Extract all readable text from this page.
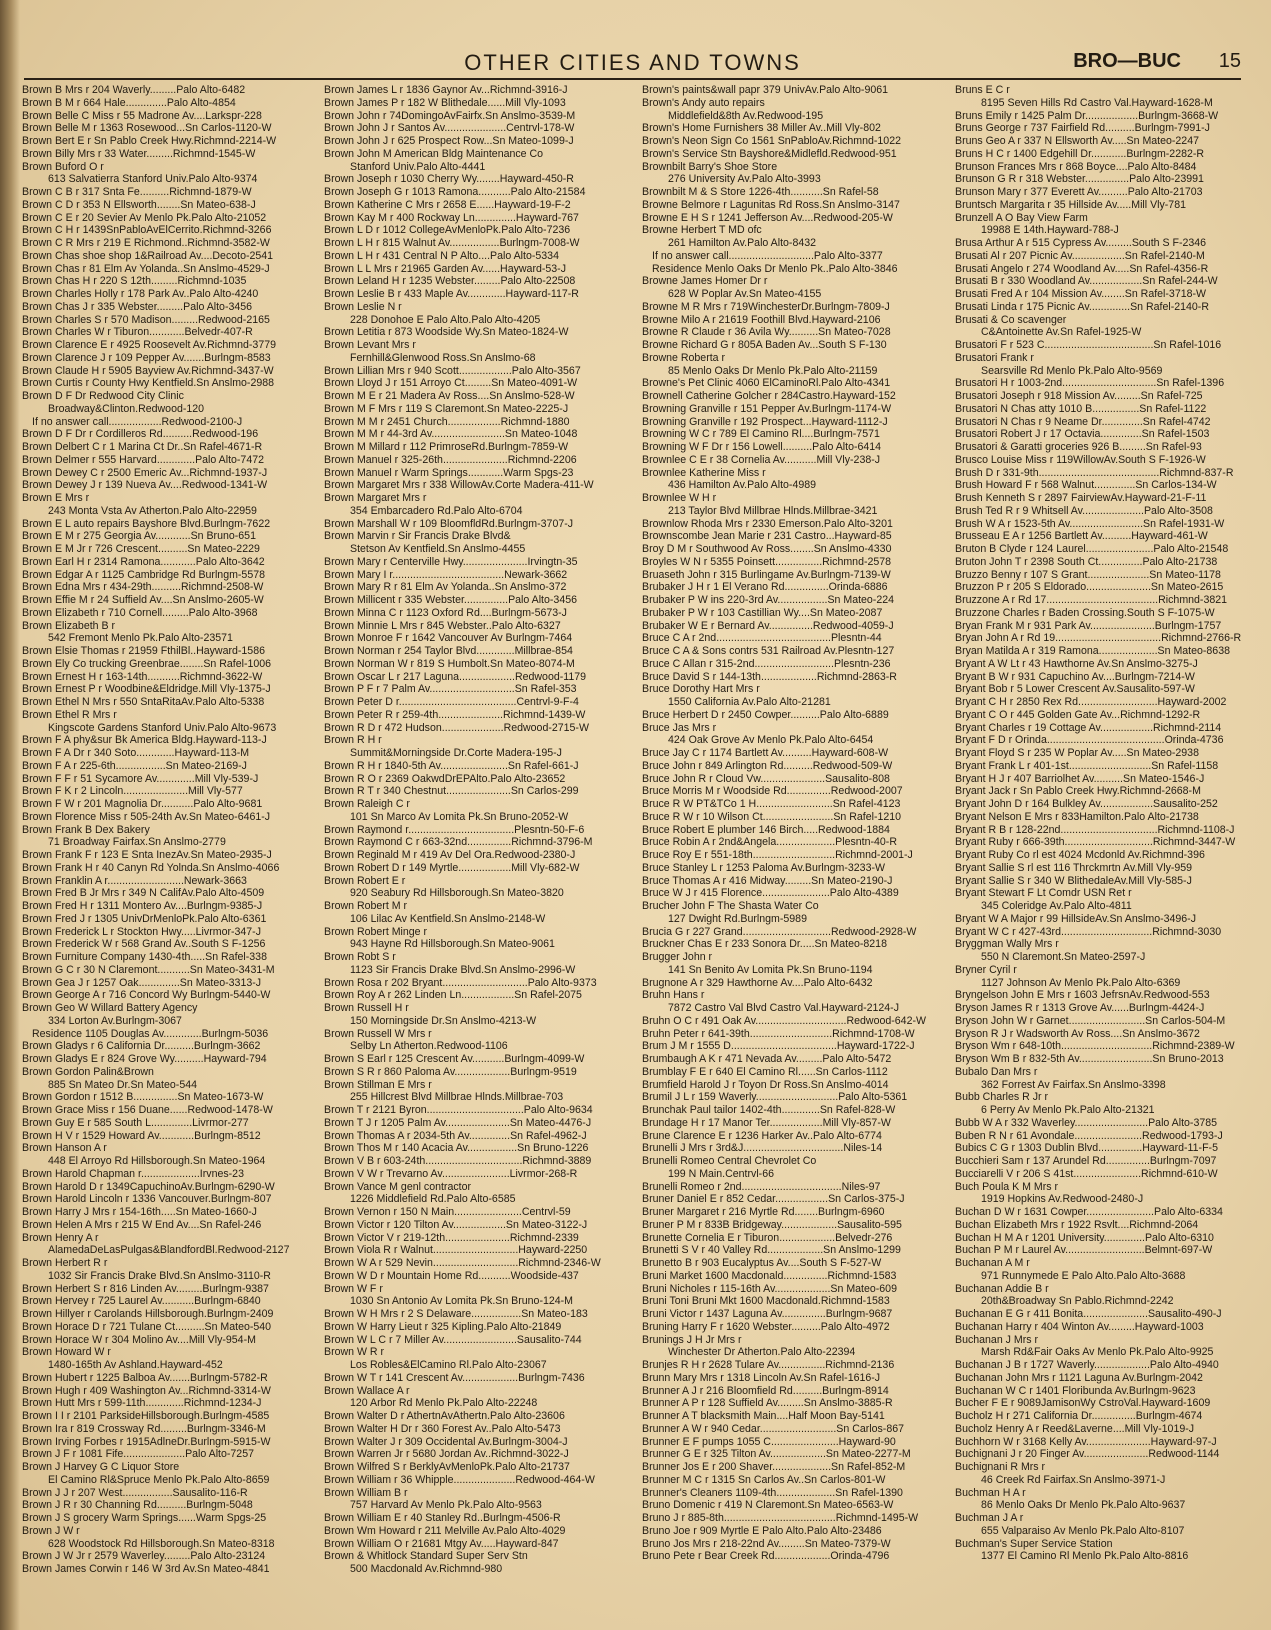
OTHER CITIES AND TOWNS	BRO—BUC 15
Brown B Mrs r 204 Waverly.........Palo Alto-6482
Brown B M r 664 Hale..............Palo Alto-4854
Brown Belle C Miss r 55 Madrone Av....Larkspr-228
Brown Belle M r 1363 Rosewood...Sn Carlos-1120-W
Brown Bert E r Sn Pablo Creek Hwy.Richmnd-2214-W
Brown Billy Mrs r 33 Water.........Richmnd-1545-W
Brown Buford O r
613 Salvatierra Stanford Univ.Palo Alto-9374
Brown C B r 317 Snta Fe..........Richmnd-1879-W
Brown C D r 353 N Ellsworth........Sn Mateo-638-J
Brown C E r 20 Sevier Av Menlo Pk.Palo Alto-21052
Brown C H r 1439SnPabloAvElCerrito.Richmnd-3266
Brown C R Mrs r 219 E Richmond..Richmnd-3582-W
Brown Chas shoe shop 1&Railroad Av....Decoto-2541
Brown Chas r 81 Elm Av Yolanda..Sn Anslmo-4529-J
Brown Chas H r 220 S 12th.........Richmnd-1035
Brown Charles Holly r 178 Park Av..Palo Alto-4240
Brown Chas J r 335 Webster.........Palo Alto-3456
Brown Charles S r 570 Madison.........Redwood-2165
Brown Charles W r Tiburon............Belvedr-407-R
Brown Clarence E r 4925 Roosevelt Av.Richmnd-3779
Brown Clarence J r 109 Pepper Av.......Burlngm-8583
Brown Claude H r 5905 Bayview Av.Richmnd-3437-W
Brown Curtis r County Hwy Kentfield.Sn Anslmo-2988
Brown D F Dr Redwood City Clinic
Broadway&Clinton.Redwood-120
If no answer call..................Redwood-2100-J
Brown D F Dr r Cordilleros Rd..........Redwood-196
Brown Delbert C r 1 Marina Ct Dr..Sn Rafel-4671-R
Brown Delmer r 555 Harvard.............Palo Alto-7472
Brown Dewey C r 2500 Emeric Av...Richmnd-1937-J
Brown Dewey J r 139 Nueva Av....Redwood-1341-W
Brown E Mrs r
243 Monta Vsta Av Atherton.Palo Alto-22959
Brown E L auto repairs Bayshore Blvd.Burlngm-7622
Brown E M r 275 Georgia Av............Sn Bruno-651
Brown E M Jr r 726 Crescent..........Sn Mateo-2229
Brown Earl H r 2314 Ramona............Palo Alto-3642
Brown Edgar A r 1125 Cambridge Rd Burlngm-5578
Brown Edna Mrs r 434-29th..........Richmnd-2508-W
Brown Effie M r 24 Suffield Av....Sn Anslmo-2605-W
Brown Elizabeth r 710 Cornell.........Palo Alto-3968
Brown Elizabeth B r
542 Fremont Menlo Pk.Palo Alto-23571
Brown Elsie Thomas r 21959 FthilBl..Hayward-1586
Brown Ely Co trucking Greenbrae........Sn Rafel-1006
Brown Ernest H r 163-14th...........Richmnd-3622-W
Brown Ernest P r Woodbine&Eldridge.Mill Vly-1375-J
Brown Ethel N Mrs r 550 SntaRitaAv.Palo Alto-5338
Brown Ethel R Mrs r
Kingscote Gardens Stanford Univ.Palo Alto-9673
Brown F A phy&sur Bk America Bldg.Hayward-113-J
Brown F A Dr r 340 Soto.............Hayward-113-M
Brown F A r 225-6th.................Sn Mateo-2169-J
Brown F F r 51 Sycamore Av.............Mill Vly-539-J
Brown F K r 2 Lincoln......................Mill Vly-577
Brown F W r 201 Magnolia Dr...........Palo Alto-9681
Brown Florence Miss r 505-24th Av.Sn Mateo-6461-J
Brown Frank B Dex Bakery
71 Broadway Fairfax.Sn Anslmo-2779
Brown Frank F r 123 E Snta InezAv.Sn Mateo-2935-J
Brown Frank H r 40 Canyn Rd Yolnda.Sn Anslmo-4066
Brown Franklin A r..........................Newark-3663
Brown Fred B Jr Mrs r 349 N CalifAv.Palo Alto-4509
Brown Fred H r 1311 Montero Av....Burlngm-9385-J
Brown Fred J r 1305 UnivDrMenloPk.Palo Alto-6361
Brown Frederick L r Stockton Hwy.....Livrmor-347-J
Brown Frederick W r 568 Grand Av..South S F-1256
Brown Furniture Company 1430-4th.....Sn Rafel-338
Brown G C r 30 N Claremont...........Sn Mateo-3431-M
Brown Gea J r 1257 Oak..............Sn Mateo-3313-J
Brown George A r 716 Concord Wy Burlngm-5440-W
Brown Geo W Willard Battery Agency
334 Lorton Av.Burlngm-3067
Residence 1105 Douglas Av.............Burlngm-5036
Brown Gladys r 6 California Dr..........Burlngm-3662
Brown Gladys E r 824 Grove Wy..........Hayward-794
Brown Gordon Palin&Brown
885 Sn Mateo Dr.Sn Mateo-544
Brown Gordon r 1512 B...............Sn Mateo-1673-W
Brown Grace Miss r 156 Duane......Redwood-1478-W
Brown Guy E r 585 South L..............Livrmor-277
Brown H V r 1529 Howard Av............Burlngm-8512
Brown Hanson A r
448 El Arroyo Rd Hillsborough.Sn Mateo-1964
Brown Harold Chapman r....................Irvnes-23
Brown Harold D r 1349CapuchinoAv.Burlngm-6290-W
Brown Harold Lincoln r 1336 Vancouver.Burlngm-807
Brown Harry J Mrs r 154-16th.....Sn Mateo-1660-J
Brown Helen A Mrs r 215 W End Av....Sn Rafel-246
Brown Henry A r
AlamedaDeLasPulgas&BlandfordBl.Redwood-2127
Brown Herbert R r
1032 Sir Francis Drake Blvd.Sn Anslmo-3110-R
Brown Herbert S r 816 Linden Av.........Burlngm-9387
Brown Hervey r 725 Laurel Av...........Burlngm-6840
Brown Hillyer r Carolands Hillsborough.Burlngm-2409
Brown Horace D r 721 Tulane Ct..........Sn Mateo-540
Brown Horace W r 304 Molino Av....Mill Vly-954-M
Brown Howard W r
1480-165th Av Ashland.Hayward-452
Brown Hubert r 1225 Balboa Av.......Burlngm-5782-R
Brown Hugh r 409 Washington Av...Richmnd-3314-W
Brown Hutt Mrs r 599-11th.............Richmnd-1234-J
Brown I I r 2101 ParksideHillsborough.Burlngm-4585
Brown Ira r 819 Crossway Rd.........Burlngm-3346-M
Brown Irving Forbes r 1915AdlneDr.Burlngm-5915-W
Brown J F r 1081 Fife.....................Palo Alto-7257
Brown J Harvey G C Liquor Store
El Camino Rl&Spruce Menlo Pk.Palo Alto-8659
Brown J J r 207 West.................Sausalito-116-R
Brown J R r 30 Channing Rd..........Burlngm-5048
Brown J S grocery Warm Springs......Warm Spgs-25
Brown J W r
628 Woodstock Rd Hillsborough.Sn Mateo-8318
Brown J W Jr r 2579 Waverley.........Palo Alto-23124
Brown James Corwin r 146 W 3rd Av.Sn Mateo-4841
Brown James L r 1836 Gaynor Av...Richmnd-3916-J
Brown James P r 182 W Blithedale......Mill Vly-1093
Brown John r 74DomingoAvFairfx.Sn Anslmo-3539-M
Brown John J r Santos Av.....................Centrvl-178-W
Brown John J r 625 Prospect Row...Sn Mateo-1099-J
Brown John M American Bldg Maintenance Co
Stanford Univ.Palo Alto-4441
Brown Joseph r 1030 Cherry Wy........Hayward-450-R
Brown Joseph G r 1013 Ramona...........Palo Alto-21584
Brown Katherine C Mrs r 2658 E......Hayward-19-F-2
Brown Kay M r 400 Rockway Ln..............Hayward-767
Brown L D r 1012 CollegeAvMenloPk.Palo Alto-7236
Brown L H r 815 Walnut Av.................Burlngm-7008-W
Brown L H r 431 Central N P Alto....Palo Alto-5334
Brown L L Mrs r 21965 Garden Av......Hayward-53-J
Brown Leland H r 1235 Webster.........Palo Alto-22508
Brown Leslie B r 433 Maple Av.............Hayward-117-R
Brown Leslie N r
228 Donohoe E Palo Alto.Palo Alto-4205
Brown Letitia r 873 Woodside Wy.Sn Mateo-1824-W
Brown Levant Mrs r
Fernhill&Glenwood Ross.Sn Anslmo-68
Brown Lillian Mrs r 940 Scott..................Palo Alto-3567
Brown Lloyd J r 151 Arroyo Ct.........Sn Mateo-4091-W
Brown M E r 21 Madera Av Ross....Sn Anslmo-528-W
Brown M F Mrs r 119 S Claremont.Sn Mateo-2225-J
Brown M M r 2451 Church..................Richmnd-1880
Brown M M r 44-3rd Av.........................Sn Mateo-1048
Brown M Millard r 112 PrimroseRd.Burlngm-7859-W
Brown Manuel r 325-26th......................Richmnd-2206
Brown Manuel r Warm Springs............Warm Spgs-23
Brown Margaret Mrs r 338 WillowAv.Corte Madera-411-W
Brown Margaret Mrs r
354 Embarcadero Rd.Palo Alto-6704
Brown Marshall W r 109 BloomfldRd.Burlngm-3707-J
Brown Marvin r Sir Francis Drake Blvd&
Stetson Av Kentfield.Sn Anslmo-4455
Brown Mary r Centerville Hwy......................Irvingtn-35
Brown Mary I r......................................Newark-3662
Brown Mary R r 81 Elm Av Yolanda..Sn Anslmo-372
Brown Millicent r 335 Webster...............Palo Alto-3456
Brown Minna C r 1123 Oxford Rd....Burlngm-5673-J
Brown Minnie L Mrs r 845 Webster..Palo Alto-6327
Brown Monroe F r 1642 Vancouver Av Burlngm-7464
Brown Norman r 254 Taylor Blvd.............Millbrae-854
Brown Norman W r 819 S Humbolt.Sn Mateo-8074-M
Brown Oscar L r 217 Laguna...................Redwood-1179
Brown P F r 7 Palm Av.............................Sn Rafel-353
Brown Peter D r........................................Centrvl-9-F-4
Brown Peter R r 259-4th......................Richmnd-1439-W
Brown R D r 472 Hudson.....................Redwood-2715-W
Brown R H r
Summit&Morningside Dr.Corte Madera-195-J
Brown R H r 1840-5th Av.......................Sn Rafel-661-J
Brown R O r 2369 OakwdDrEPAlto.Palo Alto-23652
Brown R T r 340 Chestnut......................Sn Carlos-299
Brown Raleigh C r
101 Sn Marco Av Lomita Pk.Sn Bruno-2052-W
Brown Raymond r....................................Plesntn-50-F-6
Brown Raymond C r 663-32nd...............Richmnd-3796-M
Brown Reginald M r 419 Av Del Ora.Redwood-2380-J
Brown Robert D r 149 Myrtle..................Mill Vly-682-W
Brown Robert E r
920 Seabury Rd Hillsborough.Sn Mateo-3820
Brown Robert M r
106 Lilac Av Kentfield.Sn Anslmo-2148-W
Brown Robert Minge r
943 Hayne Rd Hillsborough.Sn Mateo-9061
Brown Robt S r
1123 Sir Francis Drake Blvd.Sn Anslmo-2996-W
Brown Rosa r 202 Bryant.............................Palo Alto-9373
Brown Roy A r 262 Linden Ln..................Sn Rafel-2075
Brown Russell H r
150 Morningside Dr.Sn Anslmo-4213-W
Brown Russell W Mrs r
Selby Ln Atherton.Redwood-1106
Brown S Earl r 125 Crescent Av...........Burlngm-4099-W
Brown S R r 860 Paloma Av...................Burlngm-9519
Brown Stillman E Mrs r
255 Hillcrest Blvd Millbrae Hlnds.Millbrae-703
Brown T r 2121 Byron.................................Palo Alto-9634
Brown T J r 1205 Palm Av......................Sn Mateo-4476-J
Brown Thomas A r 2034-5th Av..............Sn Rafel-4962-J
Brown Thos M r 140 Acacia Av.................Sn Bruno-1226
Brown V B r 603-24th.................................Richmnd-3889
Brown V W r Trevarno Av.......................Livrmor-268-R
Brown Vance M genl contractor
1226 Middlefield Rd.Palo Alto-6585
Brown Vernon r 150 N Main.......................Centrvl-59
Brown Victor r 120 Tilton Av..................Sn Mateo-3122-J
Brown Victor V r 219-12th......................Richmnd-2339
Brown Viola R r Walnut.............................Hayward-2250
Brown W A r 529 Nevin.............................Richmnd-2346-W
Brown W D r Mountain Home Rd...........Woodside-437
Brown W F r
1030 Sn Antonio Av Lomita Pk.Sn Bruno-124-M
Brown W H Mrs r 2 S Delaware.................Sn Mateo-183
Brown W Harry Lieut r 325 Kipling.Palo Alto-21849
Brown W L C r 7 Miller Av.........................Sausalito-744
Brown W R r
Los Robles&ElCamino Rl.Palo Alto-23067
Brown W T r 141 Crescent Av...................Burlngm-7436
Brown Wallace A r
120 Arbor Rd Menlo Pk.Palo Alto-22248
Brown Walter D r AthertnAvAthertn.Palo Alto-23606
Brown Walter H Dr r 360 Forest Av..Palo Alto-5473
Brown Walter J r 309 Occidental Av.Burlngm-3004-J
Brown Warren Jr r 5680 Jordan Av..Richmnd-3022-J
Brown Wilfred S r BerklyAvMenloPk.Palo Alto-21737
Brown William r 36 Whipple.....................Redwood-464-W
Brown William B r
757 Harvard Av Menlo Pk.Palo Alto-9563
Brown William E r 40 Stanley Rd..Burlngm-4506-R
Brown Wm Howard r 211 Melville Av.Palo Alto-4029
Brown William O r 21681 Mtgy Av.....Hayward-847
Brown & Whitlock Standard Super Serv Stn
500 Macdonald Av.Richmnd-980
Brown's paints&wall papr 379 UnivAv.Palo Alto-9061
Brown's Andy auto repairs
Middlefield&8th Av.Redwood-195
Brown's Home Furnishers 38 Miller Av..Mill Vly-802
Brown's Neon Sign Co 1561 SnPabloAv.Richmnd-1022
Brown's Service Stn Bayshore&Midlefld.Redwood-951
Brownbilt Barry's Shoe Store
276 University Av.Palo Alto-3993
Brownbilt M & S Store 1226-4th...........Sn Rafel-58
Browne Belmore r Lagunitas Rd Ross.Sn Anslmo-3147
Browne E H S r 1241 Jefferson Av....Redwood-205-W
Browne Herbert T MD ofc
261 Hamilton Av.Palo Alto-8432
If no answer call.............................Palo Alto-3377
Residence Menlo Oaks Dr Menlo Pk..Palo Alto-3846
Browne James Homer Dr r
628 W Poplar Av.Sn Mateo-4155
Browne M R Mrs r 719WinchesterDr.Burlngm-7809-J
Browne Milo A r 21619 Foothill Blvd.Hayward-2106
Browne R Claude r 36 Avila Wy..........Sn Mateo-7028
Browne Richard G r 805A Baden Av...South S F-130
Browne Roberta r
85 Menlo Oaks Dr Menlo Pk.Palo Alto-21159
Browne's Pet Clinic 4060 ElCaminoRl.Palo Alto-4341
Brownell Catherine Golcher r 284Castro.Hayward-152
Browning Granville r 151 Pepper Av.Burlngm-1174-W
Browning Granville r 192 Prospect...Hayward-1112-J
Browning W C r 789 El Camino Rl....Burlngm-7571
Browning W F Dr r 156 Lowell..........Palo Alto-6414
Brownlee C E r 38 Cornelia Av...........Mill Vly-238-J
Brownlee Katherine Miss r
436 Hamilton Av.Palo Alto-4989
Brownlee W H r
213 Taylor Blvd Millbrae Hlnds.Millbrae-3421
Brownlow Rhoda Mrs r 2330 Emerson.Palo Alto-3201
Brownscombe Jean Marie r 231 Castro...Hayward-85
Broy D M r Southwood Av Ross........Sn Anslmo-4330
Broyles W N r 5355 Poinsett................Richmnd-2578
Bruaseth John r 315 Burlingame Av.Burlngm-7139-W
Brubaker J H r 1 El Verano Rd...............Orinda-6886
Brubaker P W ins 220-3rd Av.................Sn Mateo-224
Brubaker P W r 103 Castillian Wy....Sn Mateo-2087
Brubaker W E r Bernard Av...............Redwood-4059-J
Bruce C A r 2nd.......................................Plesntn-44
Bruce C A & Sons contrs 531 Railroad Av.Plesntn-127
Bruce C Allan r 315-2nd...........................Plesntn-236
Bruce David S r 144-13th...................Richmnd-2863-R
Bruce Dorothy Hart Mrs r
1550 California Av.Palo Alto-21281
Bruce Herbert D r 2450 Cowper..........Palo Alto-6889
Bruce Jas Mrs r
424 Oak Grove Av Menlo Pk.Palo Alto-6454
Bruce Jay C r 1174 Bartlett Av..........Hayward-608-W
Bruce John r 849 Arlington Rd..........Redwood-509-W
Bruce John R r Cloud Vw......................Sausalito-808
Bruce Morris M r Woodside Rd...............Redwood-2007
Bruce R W PT&TCo 1 H..........................Sn Rafel-4123
Bruce R W r 10 Wilson Ct........................Sn Rafel-1210
Bruce Robert E plumber 146 Birch.....Redwood-1884
Bruce Robin A r 2nd&Angela....................Plesntn-40-R
Bruce Roy E r 551-18th............................Richmnd-2001-J
Bruce Stanley L r 1253 Paloma Av.Burlngm-3233-W
Bruce Thomas A r 416 Midway.........Sn Mateo-2190-J
Bruce W J r 415 Florence.......................Palo Alto-4389
Brucher John F The Shasta Water Co
127 Dwight Rd.Burlngm-5989
Brucia G r 227 Grand..............................Redwood-2928-W
Bruckner Chas E r 233 Sonora Dr.....Sn Mateo-8218
Brugger John r
141 Sn Benito Av Lomita Pk.Sn Bruno-1194
Brugnone A r 329 Hawthorne Av....Palo Alto-6432
Bruhn Hans r
7872 Castro Val Blvd Castro Val.Hayward-2124-J
Bruhn O C r 491 Oak Av...............................Redwood-642-W
Bruhn Peter r 641-39th............................Richmnd-1708-W
Brum J M r 1555 D....................................Hayward-1722-J
Brumbaugh A K r 471 Nevada Av.........Palo Alto-5472
Brumblay F E r 640 El Camino Rl......Sn Carlos-1112
Brumfield Harold J r Toyon Dr Ross.Sn Anslmo-4014
Brumil J L r 159 Waverly............................Palo Alto-5361
Brunchak Paul tailor 1402-4th.............Sn Rafel-828-W
Brundage H r 17 Manor Ter..................Mill Vly-857-W
Brune Clarence E r 1236 Harker Av..Palo Alto-6774
Brunelli J Mrs r 3rd&J..................................Niles-14
Brunelli Romeo Central Chevrolet Co
199 N Main.Centrvl-66
Brunelli Romeo r 2nd..................................Niles-97
Bruner Daniel E r 852 Cedar..................Sn Carlos-375-J
Bruner Margaret r 216 Myrtle Rd........Burlngm-6960
Bruner P M r 833B Bridgeway...................Sausalito-595
Brunette Cornelia E r Tiburon...................Belvedr-276
Brunetti S V r 40 Valley Rd...................Sn Anslmo-1299
Brunetto B r 903 Eucalyptus Av....South S F-527-W
Bruni Market 1600 Macdonald...............Richmnd-1583
Bruni Nicholes r 115-16th Av...................Sn Mateo-609
Bruni Toni Bruni Mkt 1600 Macdonald.Richmnd-1583
Bruni Victor r 1437 Laguna Av...............Burlngm-9687
Bruning Harry F r 1620 Webster..........Palo Alto-4972
Brunings J H Jr Mrs r
Winchester Dr Atherton.Palo Alto-22394
Brunjes R H r 2628 Tulare Av................Richmnd-2136
Brunn Mary Mrs r 1318 Lincoln Av.Sn Rafel-1616-J
Brunner A J r 216 Bloomfield Rd..........Burlngm-8914
Brunner A P r 128 Suffield Av.........Sn Anslmo-3885-R
Brunner A T blacksmith Main....Half Moon Bay-5141
Brunner A W r 940 Cedar..........................Sn Carlos-867
Brunner E F pumps 1055 C.......................Hayward-90
Brunner G E r 325 Tilton Av...................Sn Mateo-2277-M
Brunner Jos E r 200 Shaver....................Sn Rafel-852-M
Brunner M C r 1315 Sn Carlos Av..Sn Carlos-801-W
Brunner's Cleaners 1109-4th....................Sn Rafel-1390
Bruno Domenic r 419 N Claremont.Sn Mateo-6563-W
Bruno J r 885-8th......................................Richmnd-1495-W
Bruno Joe r 909 Myrtle E Palo Alto.Palo Alto-23486
Bruno Jos Mrs r 218-22nd Av.........Sn Mateo-7379-W
Bruno Pete r Bear Creek Rd...................Orinda-4796
Bruns E C r
8195 Seven Hills Rd Castro Val.Hayward-1628-M
Bruns Emily r 1425 Palm Dr..................Burlngm-3668-W
Bruns George r 737 Fairfield Rd..........Burlngm-7991-J
Bruns Geo A r 337 N Ellsworth Av.....Sn Mateo-2247
Bruns H C r 1400 Edgehill Dr............Burlngm-2282-R
Brunson Frances Mrs r 868 Boyce....Palo Alto-8484
Brunson G R r 318 Webster...............Palo Alto-23991
Brunson Mary r 377 Everett Av..........Palo Alto-21703
Bruntsch Margarita r 35 Hillside Av.....Mill Vly-781
Brunzell A O Bay View Farm
19988 E 14th.Hayward-788-J
Brusa Arthur A r 515 Cypress Av.........South S F-2346
Brusati Al r 207 Picnic Av..................Sn Rafel-2140-M
Brusati Angelo r 274 Woodland Av.....Sn Rafel-4356-R
Brusati B r 330 Woodland Av..................Sn Rafel-244-W
Brusati Fred A r 104 Mission Av........Sn Rafel-3718-W
Brusati Linda r 175 Picnic Av..............Sn Rafel-2140-R
Brusati & Co scavenger
C&Antoinette Av.Sn Rafel-1925-W
Brusatori F r 523 C.....................................Sn Rafel-1016
Brusatori Frank r
Searsville Rd Menlo Pk.Palo Alto-9569
Brusatori H r 1003-2nd................................Sn Rafel-1396
Brusatori Joseph r 918 Mission Av.........Sn Rafel-725
Brusatori N Chas atty 1010 B................Sn Rafel-1122
Brusatori N Chas r 9 Neame Dr..............Sn Rafel-4742
Brusatori Robert J r 17 Octavia..............Sn Rafel-1503
Brusatori & Garatti groceries 926 B.........Sn Rafel-93
Brusco Louise Miss r 119WillowAv.South S F-1926-W
Brush D r 331-9th.........................................Richmnd-837-R
Brush Howard F r 568 Walnut..............Sn Carlos-134-W
Brush Kenneth S r 2897 FairviewAv.Hayward-21-F-11
Brush Ted R r 9 Whitsell Av.....................Palo Alto-3508
Brush W A r 1523-5th Av.........................Sn Rafel-1931-W
Brusseau E A r 1256 Bartlett Av..........Hayward-461-W
Bruton B Clyde r 124 Laurel.......................Palo Alto-21548
Bruton John T r 2398 South Ct...............Palo Alto-21738
Bruzzo Benny r 107 S Grant.....................Sn Mateo-1178
Bruzzon P r 205 S Eldorado......................Sn Mateo-2615
Bruzzone A r Rd 17......................................Richmnd-3821
Bruzzone Charles r Baden Crossing.South S F-1075-W
Bryan Frank M r 931 Park Av......................Burlngm-1757
Bryan John A r Rd 19....................................Richmnd-2766-R
Bryan Matilda A r 319 Ramona....................Sn Mateo-8638
Bryant A W Lt r 43 Hawthorne Av.Sn Anslmo-3275-J
Bryant B W r 931 Capuchino Av....Burlngm-7214-W
Bryant Bob r 5 Lower Crescent Av.Sausalito-597-W
Bryant C H r 2850 Rex Rd...........................Hayward-2002
Bryant C O r 445 Golden Gate Av...Richmnd-1292-R
Bryant Charles r 19 Cottage Av..................Richmnd-2114
Bryant F D r Orinda........................................Orinda-4736
Bryant Floyd S r 235 W Poplar Av.....Sn Mateo-2938
Bryant Frank L r 401-1st............................Sn Rafel-1158
Bryant H J r 407 Barriolhet Av..........Sn Mateo-1546-J
Bryant Jack r Sn Pablo Creek Hwy.Richmnd-2668-M
Bryant John D r 164 Bulkley Av..................Sausalito-252
Bryant Nelson E Mrs r 833Hamilton.Palo Alto-21738
Bryant R B r 128-22nd.................................Richmnd-1108-J
Bryant Ruby r 666-39th..............................Richmnd-3447-W
Bryant Ruby Co rl est 4024 Mcdonld Av.Richmnd-396
Bryant Sallie S rl est 116 Thrckmrtn Av.Mill Vly-959
Bryant Sallie S r 340 W BlithedaleAv.Mill Vly-585-J
Bryant Stewart F Lt Comdr USN Ret r
345 Coleridge Av.Palo Alto-4811
Bryant W A Major r 99 HillsideAv.Sn Anslmo-3496-J
Bryant W C r 427-43rd...............................Richmnd-3030
Bryggman Wally Mrs r
550 N Claremont.Sn Mateo-2597-J
Bryner Cyril r
1127 Johnson Av Menlo Pk.Palo Alto-6369
Bryngelson John E Mrs r 1603 JefrsnAv.Redwood-553
Bryson James R r 1313 Grove Av......Burlngm-4424-J
Bryson John W r Garnet..........................Sn Carlos-504-M
Bryson R J r Wadsworth Av Ross....Sn Anslmo-3672
Bryson Wm r 648-10th...............................Richmnd-2389-W
Bryson Wm B r 832-5th Av.........................Sn Bruno-2013
Bubalo Dan Mrs r
362 Forrest Av Fairfax.Sn Anslmo-3398
Bubb Charles R Jr r
6 Perry Av Menlo Pk.Palo Alto-21321
Bubb W A r 332 Waverley.........................Palo Alto-3785
Buben R N r 61 Avondale.......................Redwood-1793-J
Bubics C G r 1303 Dublin Blvd...............Hayward-11-F-5
Bucchieri Sam r 137 Arundel Rd...............Burlngm-7097
Bucciarelli V r 206 S 41st.......................Richmnd-610-W
Buch Poula K M Mrs r
1919 Hopkins Av.Redwood-2480-J
Buchan D W r 1631 Cowper.......................Palo Alto-6334
Buchan Elizabeth Mrs r 1922 Rsvlt....Richmnd-2064
Buchan H M A r 1201 University..............Palo Alto-6310
Buchan P M r Laurel Av...........................Belmnt-697-W
Buchanan A M r
971 Runnymede E Palo Alto.Palo Alto-3688
Buchanan Addie B r
20th&Broadway Sn Pablo.Richmnd-2242
Buchanan E G r 411 Bonita......................Sausalito-490-J
Buchanan Harry r 404 Winton Av.........Hayward-1003
Buchanan J Mrs r
Marsh Rd&Fair Oaks Av Menlo Pk.Palo Alto-9925
Buchanan J B r 1727 Waverly...................Palo Alto-4940
Buchanan John Mrs r 1121 Laguna Av.Burlngm-2042
Buchanan W C r 1401 Floribunda Av.Burlngm-9623
Bucher F E r 9089JamisonWy CstroVal.Hayward-1609
Bucholz H r 271 California Dr...............Burlngm-4674
Bucholz Henry A r Reed&Laverne....Mill Vly-1019-J
Buchhorn W r 3168 Kelly Av......................Hayward-97-J
Buchignani J r 20 Finger Av......................Redwood-1144
Buchignani R Mrs r
46 Creek Rd Fairfax.Sn Anslmo-3971-J
Buchman H A r
86 Menlo Oaks Dr Menlo Pk.Palo Alto-9637
Buchman J A r
655 Valparaiso Av Menlo Pk.Palo Alto-8107
Buchman's Super Service Station
1377 El Camino Rl Menlo Pk.Palo Alto-8816
